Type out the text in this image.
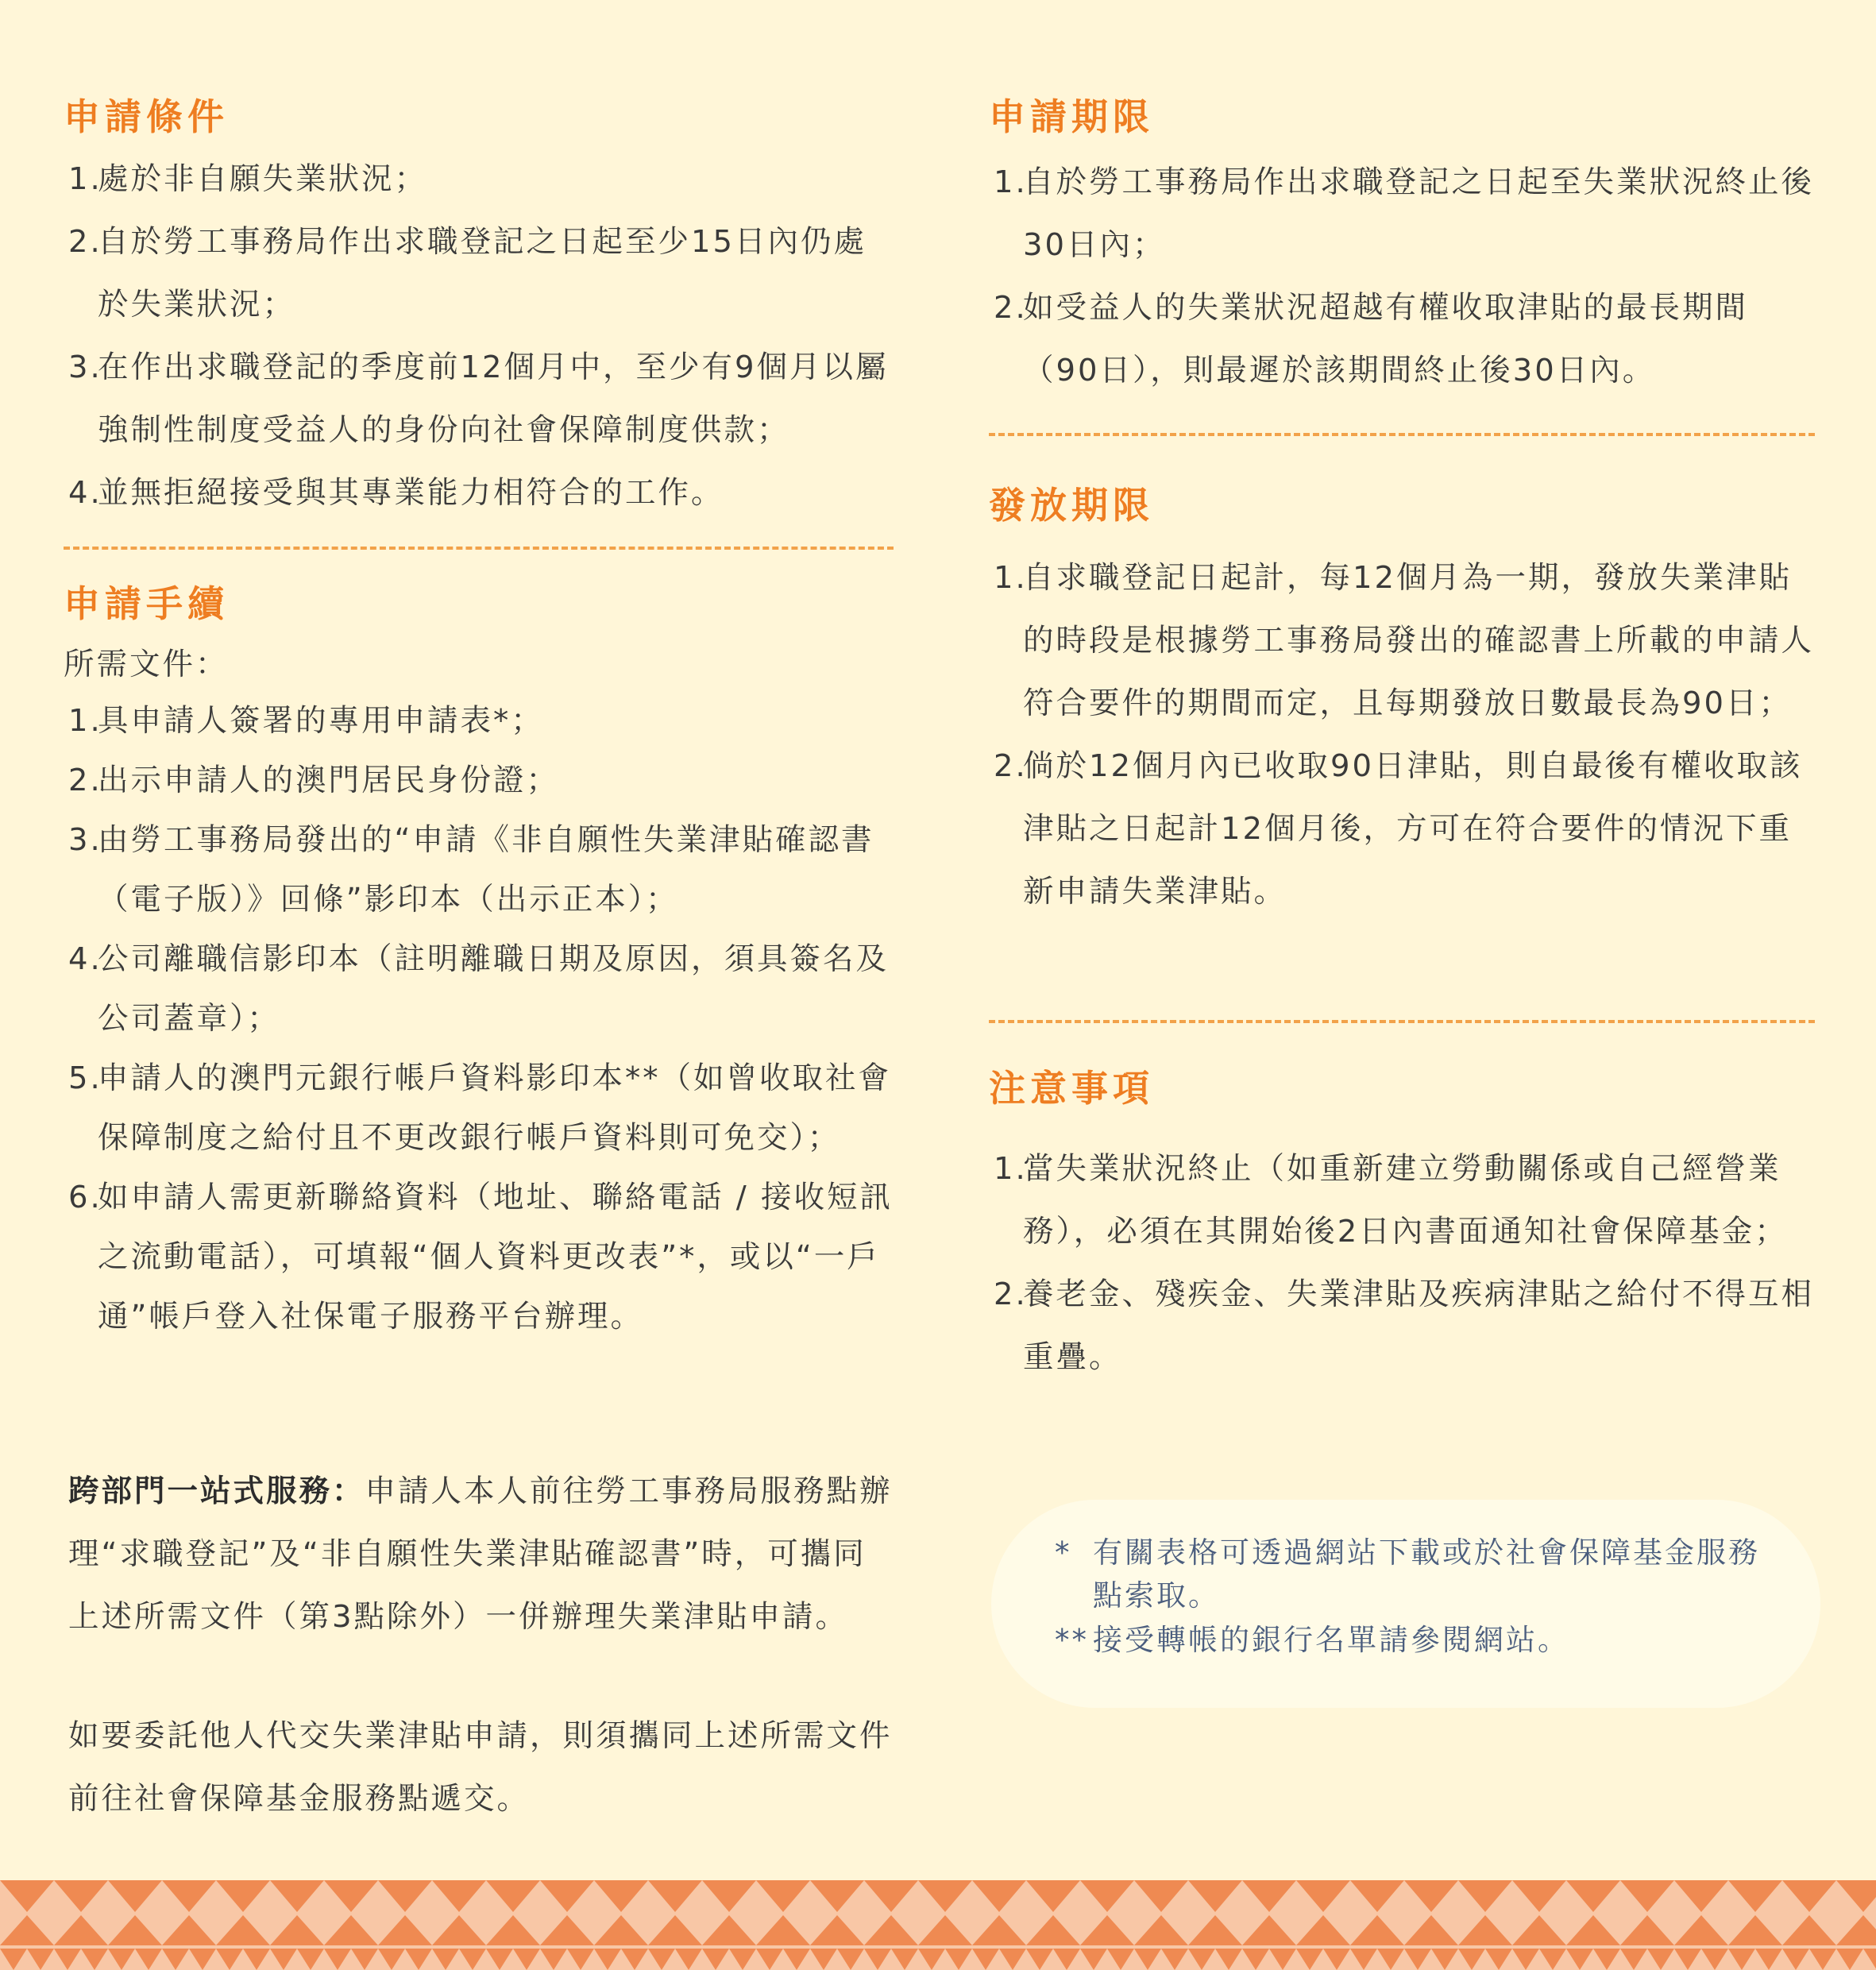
申請條件
1.
處於非自願失業狀況；
2.
自於勞工事務局作出求職登記之日起至少15日內仍處於失業狀況；
3.
在作出求職登記的季度前12個月中，至少有9個月以屬強制性制度受益人的身份向社會保障制度供款；
4.
並無拒絕接受與其專業能力相符合的工作。
申請手續

所需文件：

1.
具申請人簽署的專用申請表*；
2.
出示申請人的澳門居民身份證；
3.
由勞工事務局發出的“申請《非自願性失業津貼確認書（電子版）》回條”影印本（出示正本）；
4.
公司離職信影印本（註明離職日期及原因，須具簽名及公司蓋章）；
5.
申請人的澳門元銀行帳戶資料影印本**（如曾收取社會保障制度之給付且不更改銀行帳戶資料則可免交）；
6.
如申請人需更新聯絡資料（地址、聯絡電話 / 接收短訊之流動電話），可填報“個人資料更改表”*，或以“一戶通”帳戶登入社保電子服務平台辦理。

跨部門一站式服務：申請人本人前往勞工事務局服務點辦理“求職登記”及“非自願性失業津貼確認書”時，可攜同上述所需文件（第3點除外）一併辦理失業津貼申請。

如要委託他人代交失業津貼申請，則須攜同上述所需文件前往社會保障基金服務點遞交。

申請期限
1.
自於勞工事務局作出求職登記之日起至失業狀況終止後30日內；
2.
如受益人的失業狀況超越有權收取津貼的最長期間（90日），則最遲於該期間終止後30日內。
發放期限
1.
自求職登記日起計，每12個月為一期，發放失業津貼的時段是根據勞工事務局發出的確認書上所載的申請人符合要件的期間而定，且每期發放日數最長為90日；
2.
倘於12個月內已收取90日津貼，則自最後有權收取該津貼之日起計12個月後，方可在符合要件的情況下重新申請失業津貼。
注意事項
1.
當失業狀況終止（如重新建立勞動關係或自己經營業務），必須在其開始後2日內書面通知社會保障基金；
2.
養老金、殘疾金、失業津貼及疾病津貼之給付不得互相重疊。

* 有關表格可透過網站下載或於社會保障基金服務點索取。

** 接受轉帳的銀行名單請參閱網站。
